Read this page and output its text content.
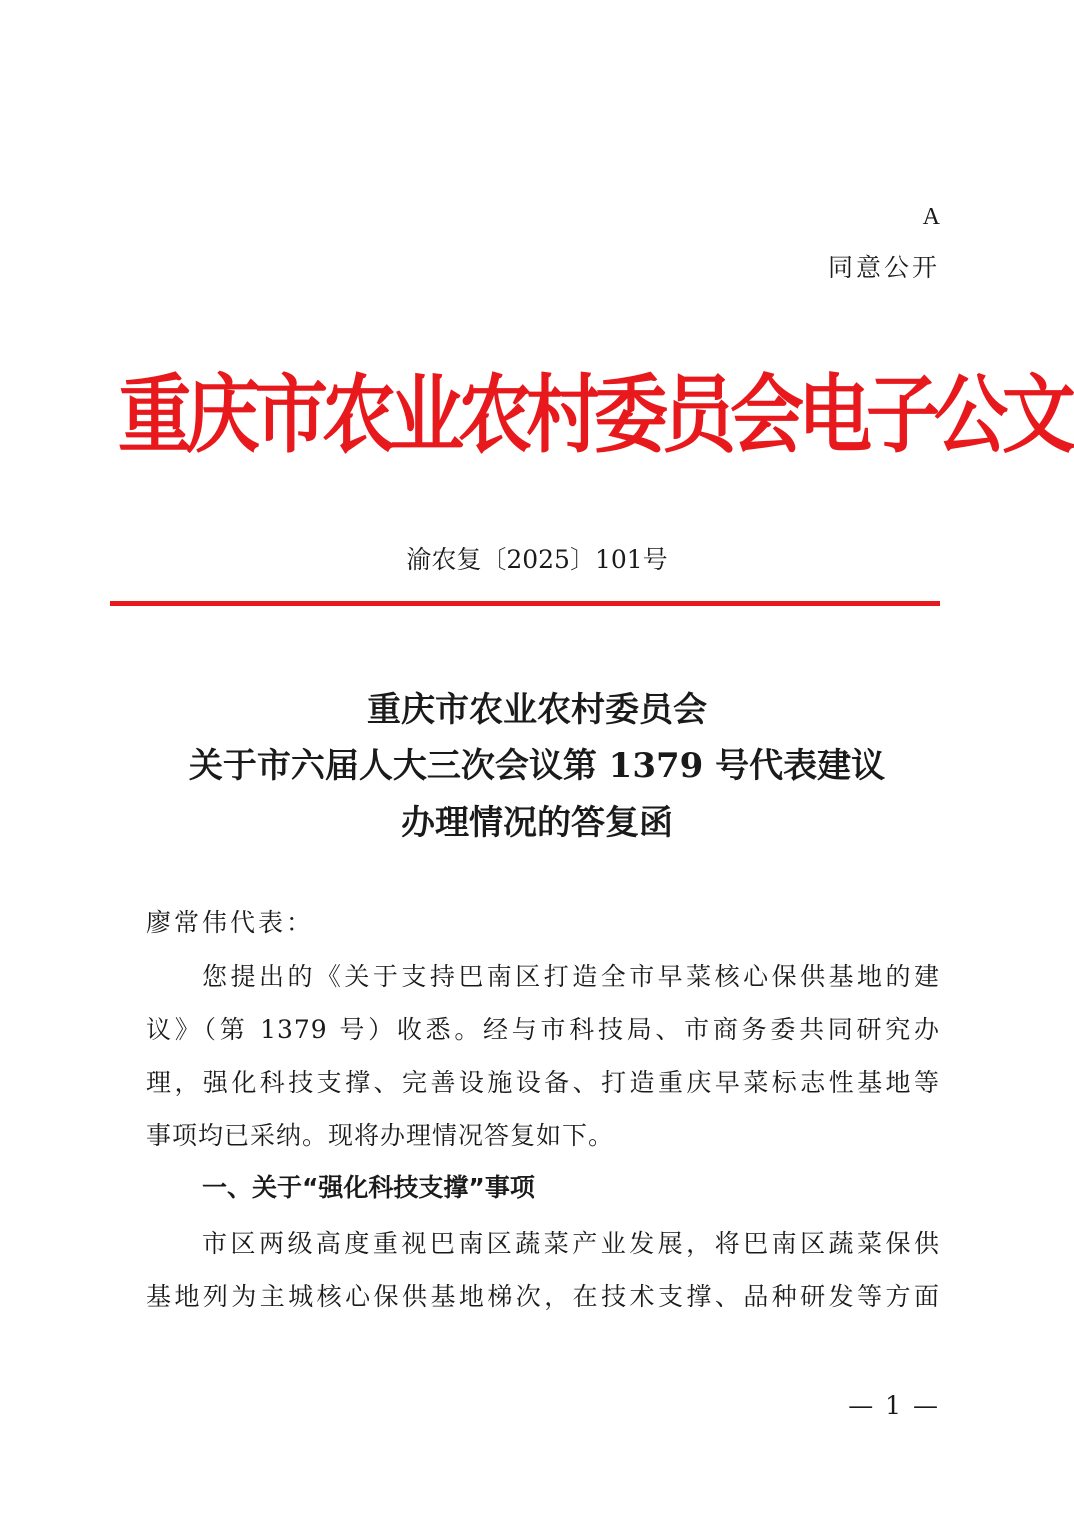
A
同意公开
重庆市农业农村委员会电子公文
渝农复〔2025〕101号
重庆市农业农村委员会
关于市六届人大三次会议第 1379 号代表建议
办理情况的答复函
廖常伟代表：
您提出的《关于支持巴南区打造全市早菜核心保供基地的建
议》（第 1379 号）收悉。经与市科技局、市商务委共同研究办
理，强化科技支撑、完善设施设备、打造重庆早菜标志性基地等
事项均已采纳。现将办理情况答复如下。
一、关于“强化科技支撑”事项
市区两级高度重视巴南区蔬菜产业发展，将巴南区蔬菜保供
基地列为主城核心保供基地梯次，在技术支撑、品种研发等方面
— 1 —
